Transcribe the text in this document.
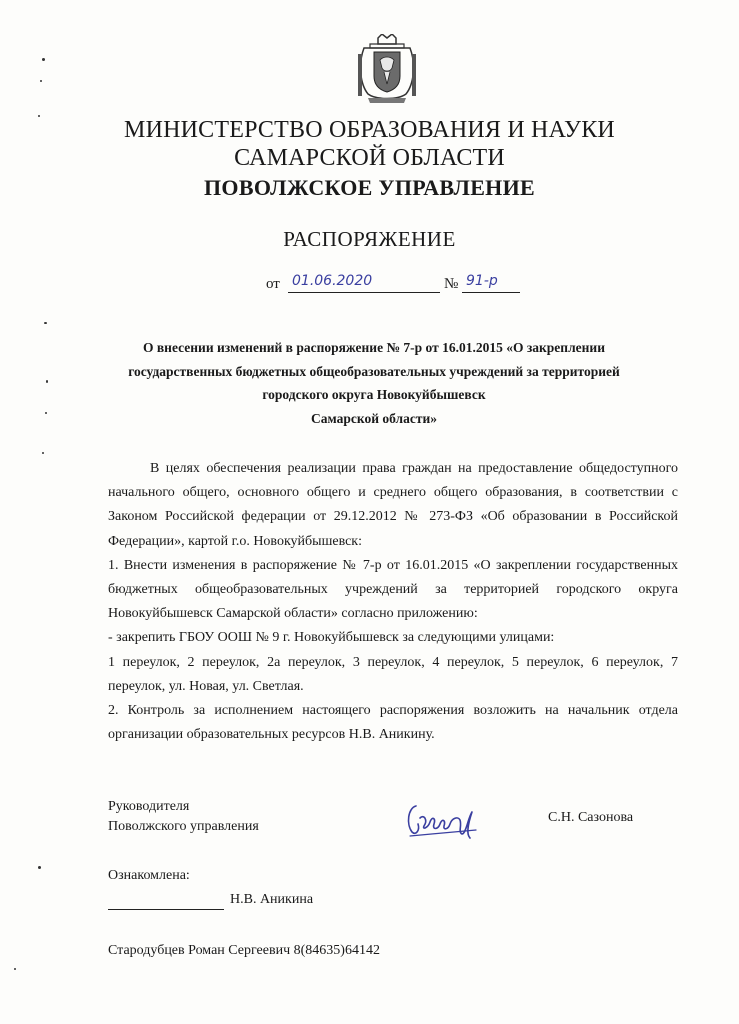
МИНИСТЕРСТВО ОБРАЗОВАНИЯ И НАУКИ
САМАРСКОЙ ОБЛАСТИ
ПОВОЛЖСКОЕ УПРАВЛЕНИЕ
РАСПОРЯЖЕНИЕ
от 01.06.2020	№ 91-р
О внесении изменений в распоряжение № 7-р от 16.01.2015 «О закреплении
государственных бюджетных общеобразовательных учреждений за территорией
городского округа Новокуйбышевск
Самарской области»

В целях обеспечения реализации права граждан на предоставление общедоступного начального общего, основного общего и среднего общего образования, в соответствии с Законом Российской федерации от 29.12.2012 № 273-ФЗ «Об образовании в Российской Федерации», картой г.о. Новокуйбышевск:

1. Внести изменения в распоряжение № 7-р от 16.01.2015 «О закреплении государственных бюджетных общеобразовательных учреждений за территорией городского округа Новокуйбышевск Самарской области» согласно приложению:

- закрепить ГБОУ ООШ № 9 г. Новокуйбышевск за следующими улицами:

1 переулок, 2 переулок, 2а переулок, 3 переулок, 4 переулок, 5 переулок, 6 переулок, 7 переулок, ул. Новая, ул. Светлая.

2. Контроль за исполнением настоящего распоряжения возложить на начальник отдела организации образовательных ресурсов Н.В. Аникину.

Руководителя
Поволжского управления
С.Н. Сазонова
Ознакомлена:
Н.В. Аникина
Стародубцев Роман Сергеевич 8(84635)64142
